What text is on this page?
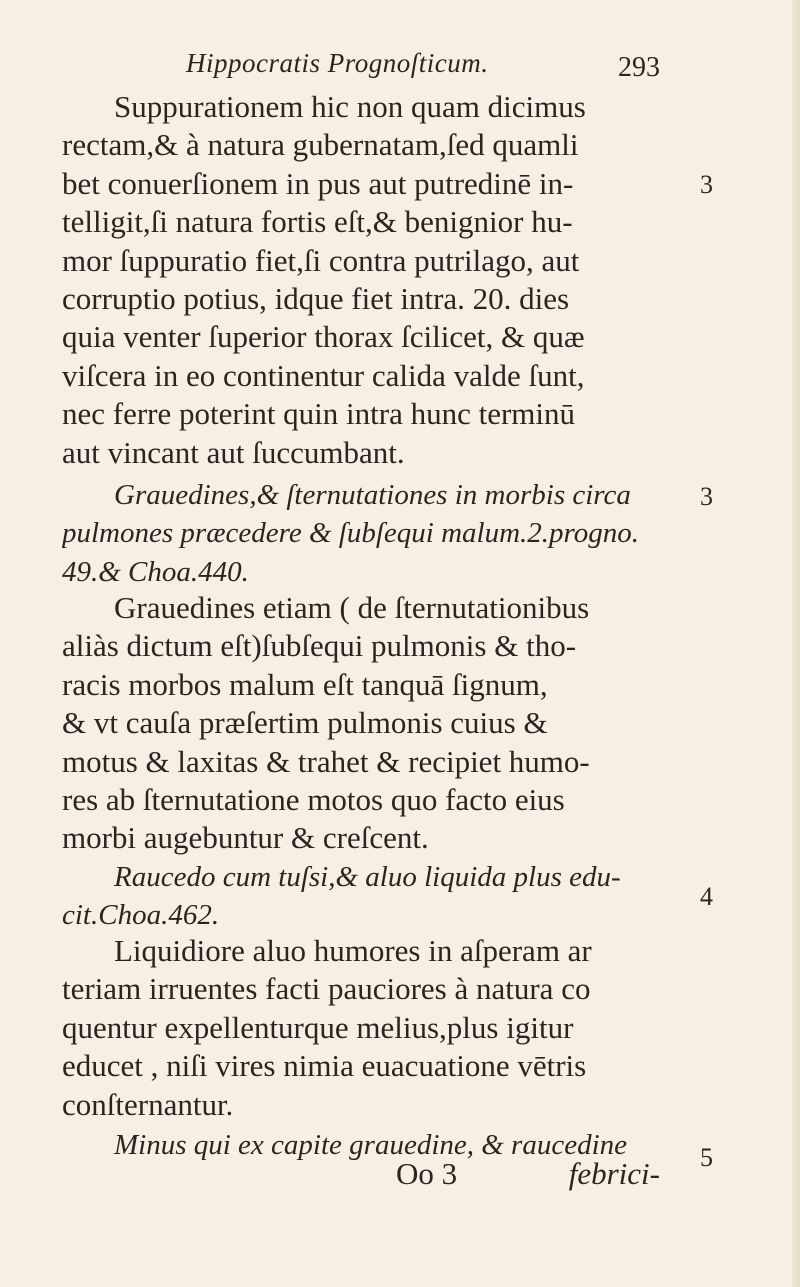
Hippocratis Prognoſticum.	293
Suppurationem hic non quam dicimus
rectam,& à natura gubernatam,ſed quamli
bet conuerſionem in pus aut putredinē in-
telligit,ſi natura fortis eſt,& benignior hu-
mor ſuppuratio fiet,ſi contra putrilago, aut
corruptio potius, idque fiet intra. 20. dies
quia venter ſuperior thorax ſcilicet, & quæ
viſcera in eo continentur calida valde ſunt,
nec ferre poterint quin intra hunc terminū
aut vincant aut ſuccumbant.
Grauedines,& ſternutationes in morbis circa
pulmones præcedere & ſubſequi malum.2.progno.
49.& Choa.440.
Grauedines etiam ( de ſternutationibus
aliàs dictum eſt)ſubſequi pulmonis & tho-
racis morbos malum eſt tanquā ſignum,
& vt cauſa præſertim pulmonis cuius &
motus & laxitas & trahet & recipiet humo-
res ab ſternutatione motos quo facto eius
morbi augebuntur & creſcent.
Raucedo cum tuſsi,& aluo liquida plus edu-
cit.Choa.462.
Liquidiore aluo humores in aſperam ar
teriam irruentes facti pauciores à natura co
quentur expellenturque melius,plus igitur
educet , niſi vires nimia euacuatione vētris
conſternantur.
Minus qui ex capite grauedine, & raucedine
Oo 3	febrici-
3
3
4
5
